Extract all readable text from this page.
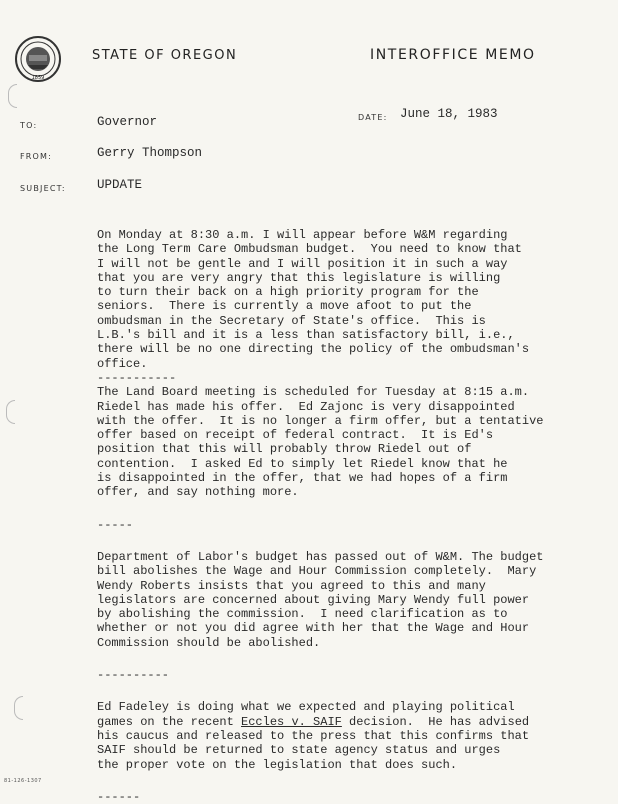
1859
STATE OF OREGON	INTEROFFICE MEMO
TO:	Governor	DATE: June 18, 1983
FROM:	Gerry Thompson
SUBJECT:	UPDATE

On Monday at 8:30 a.m. I will appear before W&M regarding
the Long Term Care Ombudsman budget.  You need to know that
I will not be gentle and I will position it in such a way
that you are very angry that this legislature is willing
to turn their back on a high priority program for the
seniors.  There is currently a move afoot to put the
ombudsman in the Secretary of State's office.  This is
L.B.'s bill and it is a less than satisfactory bill, i.e.,
there will be no one directing the policy of the ombudsman's
office.

-----------

The Land Board meeting is scheduled for Tuesday at 8:15 a.m.
Riedel has made his offer.  Ed Zajonc is very disappointed
with the offer.  It is no longer a firm offer, but a tentative
offer based on receipt of federal contract.  It is Ed's
position that this will probably throw Riedel out of
contention.  I asked Ed to simply let Riedel know that he
is disappointed in the offer, that we had hopes of a firm
offer, and say nothing more.

-----

Department of Labor's budget has passed out of W&M. The budget
bill abolishes the Wage and Hour Commission completely.  Mary
Wendy Roberts insists that you agreed to this and many
legislators are concerned about giving Mary Wendy full power
by abolishing the commission.  I need clarification as to
whether or not you did agree with her that the Wage and Hour
Commission should be abolished.

----------

Ed Fadeley is doing what we expected and playing political
games on the recent Eccles v. SAIF decision.  He has advised
his caucus and released to the press that this confirms that
SAIF should be returned to state agency status and urges
the proper vote on the legislation that does such.

------

81-126-1307
